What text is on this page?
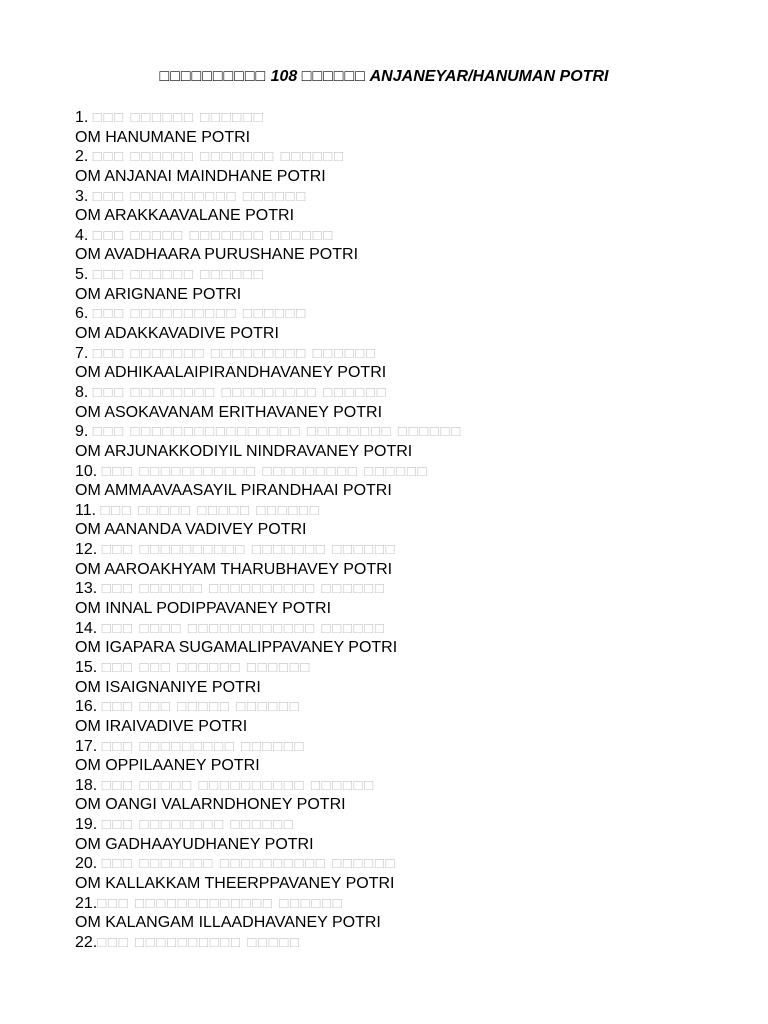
□□□□□□□□□□ 108 □□□□□□ ANJANEYAR/HANUMAN POTRI
1. □□□ □□□□□□ □□□□□□
OM HANUMANE POTRI
2. □□□ □□□□□□ □□□□□□□ □□□□□□
OM ANJANAI MAINDHANE POTRI
3. □□□ □□□□□□□□□□ □□□□□□
OM ARAKKAAVALANE POTRI
4. □□□ □□□□□ □□□□□□□ □□□□□□
OM AVADHAARA PURUSHANE POTRI
5. □□□ □□□□□□ □□□□□□
OM ARIGNANE POTRI
6. □□□ □□□□□□□□□□ □□□□□□
OM ADAKKAVADIVE POTRI
7. □□□ □□□□□□□ □□□□□□□□□ □□□□□□
OM ADHIKAALAIPIRANDHAVANEY POTRI
8. □□□ □□□□□□□□ □□□□□□□□□ □□□□□□
OM ASOKAVANAM ERITHAVANEY POTRI
9. □□□ □□□□□□□□□□□□□□□□ □□□□□□□□ □□□□□□
OM ARJUNAKKODIYIL NINDRAVANEY POTRI
10. □□□ □□□□□□□□□□□ □□□□□□□□□ □□□□□□
OM AMMAAVAASAYIL PIRANDHAAI POTRI
11. □□□ □□□□□ □□□□□ □□□□□□
OM AANANDA VADIVEY POTRI
12. □□□ □□□□□□□□□□ □□□□□□□ □□□□□□
OM AAROAKHYAM THARUBHAVEY POTRI
13. □□□ □□□□□□ □□□□□□□□□□ □□□□□□
OM INNAL PODIPPAVANEY POTRI
14. □□□ □□□□ □□□□□□□□□□□□ □□□□□□
OM IGAPARA SUGAMALIPPAVANEY POTRI
15. □□□ □□□ □□□□□□ □□□□□□
OM ISAIGNANIYE POTRI
16. □□□ □□□ □□□□□ □□□□□□
OM IRAIVADIVE POTRI
17. □□□ □□□□□□□□□ □□□□□□
OM OPPILAANEY POTRI
18. □□□ □□□□□ □□□□□□□□□□ □□□□□□
OM OANGI VALARNDHONEY POTRI
19. □□□ □□□□□□□□ □□□□□□
OM GADHAAYUDHANEY POTRI
20. □□□ □□□□□□□ □□□□□□□□□□ □□□□□□
OM KALLAKKAM THEERPPAVANEY POTRI
21.□□□ □□□□□□□□□□□□□ □□□□□□
OM KALANGAM ILLAADHAVANEY POTRI
22.□□□ □□□□□□□□□□ □□□□□
